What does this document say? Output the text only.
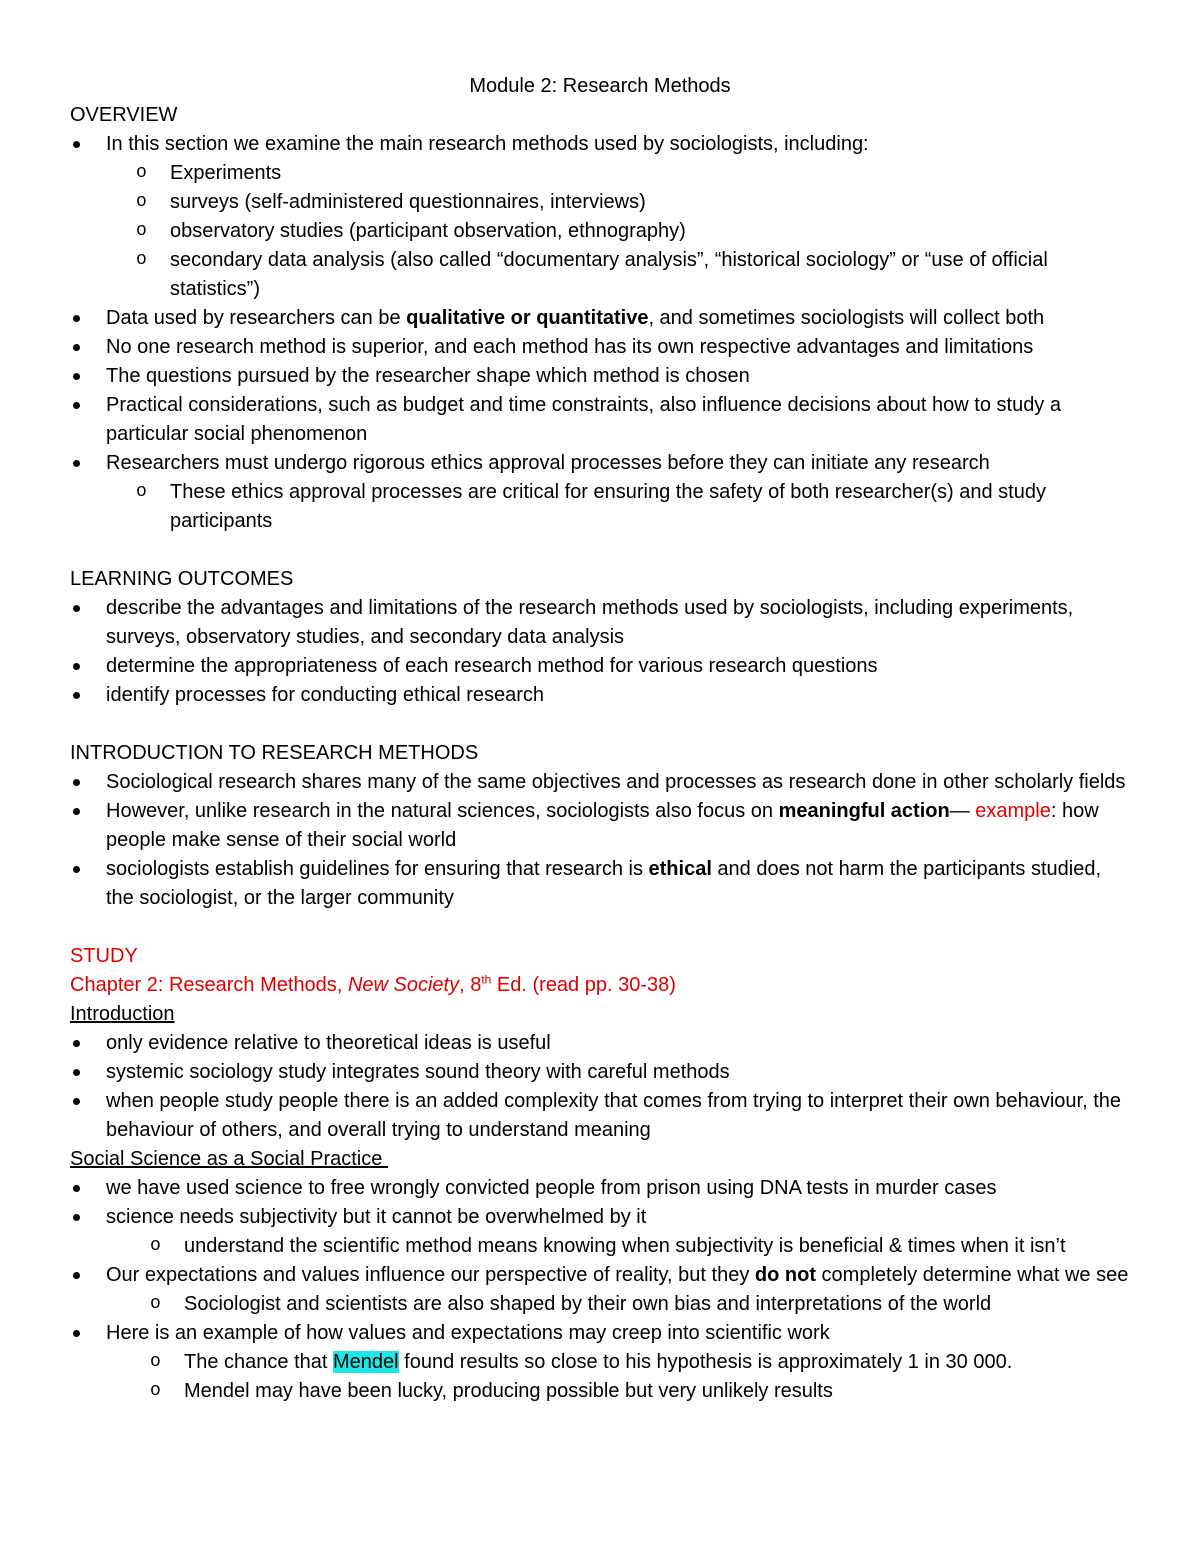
Module 2: Research Methods

OVERVIEW

In this section we examine the main research methods used by sociologists, including:
o Experiments
o surveys (self-administered questionnaires, interviews)
o observatory studies (participant observation, ethnography)
o secondary data analysis (also called “documentary analysis”, “historical sociology” or “use of official statistics”)
Data used by researchers can be qualitative or quantitative, and sometimes sociologists will collect both
No one research method is superior, and each method has its own respective advantages and limitations
The questions pursued by the researcher shape which method is chosen
Practical considerations, such as budget and time constraints, also influence decisions about how to study a particular social phenomenon
Researchers must undergo rigorous ethics approval processes before they can initiate any research
o These ethics approval processes are critical for ensuring the safety of both researcher(s) and study participants

LEARNING OUTCOMES

describe the advantages and limitations of the research methods used by sociologists, including experiments, surveys, observatory studies, and secondary data analysis
determine the appropriateness of each research method for various research questions
identify processes for conducting ethical research

INTRODUCTION TO RESEARCH METHODS

Sociological research shares many of the same objectives and processes as research done in other scholarly fields
However, unlike research in the natural sciences, sociologists also focus on meaningful action— example: how people make sense of their social world
sociologists establish guidelines for ensuring that research is ethical and does not harm the participants studied, the sociologist, or the larger community

STUDY

Chapter 2: Research Methods, New Society, 8th Ed. (read pp. 30-38)

Introduction

only evidence relative to theoretical ideas is useful
systemic sociology study integrates sound theory with careful methods
when people study people there is an added complexity that comes from trying to interpret their own behaviour, the behaviour of others, and overall trying to understand meaning

Social Science as a Social Practice

we have used science to free wrongly convicted people from prison using DNA tests in murder cases
science needs subjectivity but it cannot be overwhelmed by it
o understand the scientific method means knowing when subjectivity is beneficial & times when it isn’t
Our expectations and values influence our perspective of reality, but they do not completely determine what we see
o Sociologist and scientists are also shaped by their own bias and interpretations of the world
Here is an example of how values and expectations may creep into scientific work
o The chance that Mendel found results so close to his hypothesis is approximately 1 in 30 000.
o Mendel may have been lucky, producing possible but very unlikely results
